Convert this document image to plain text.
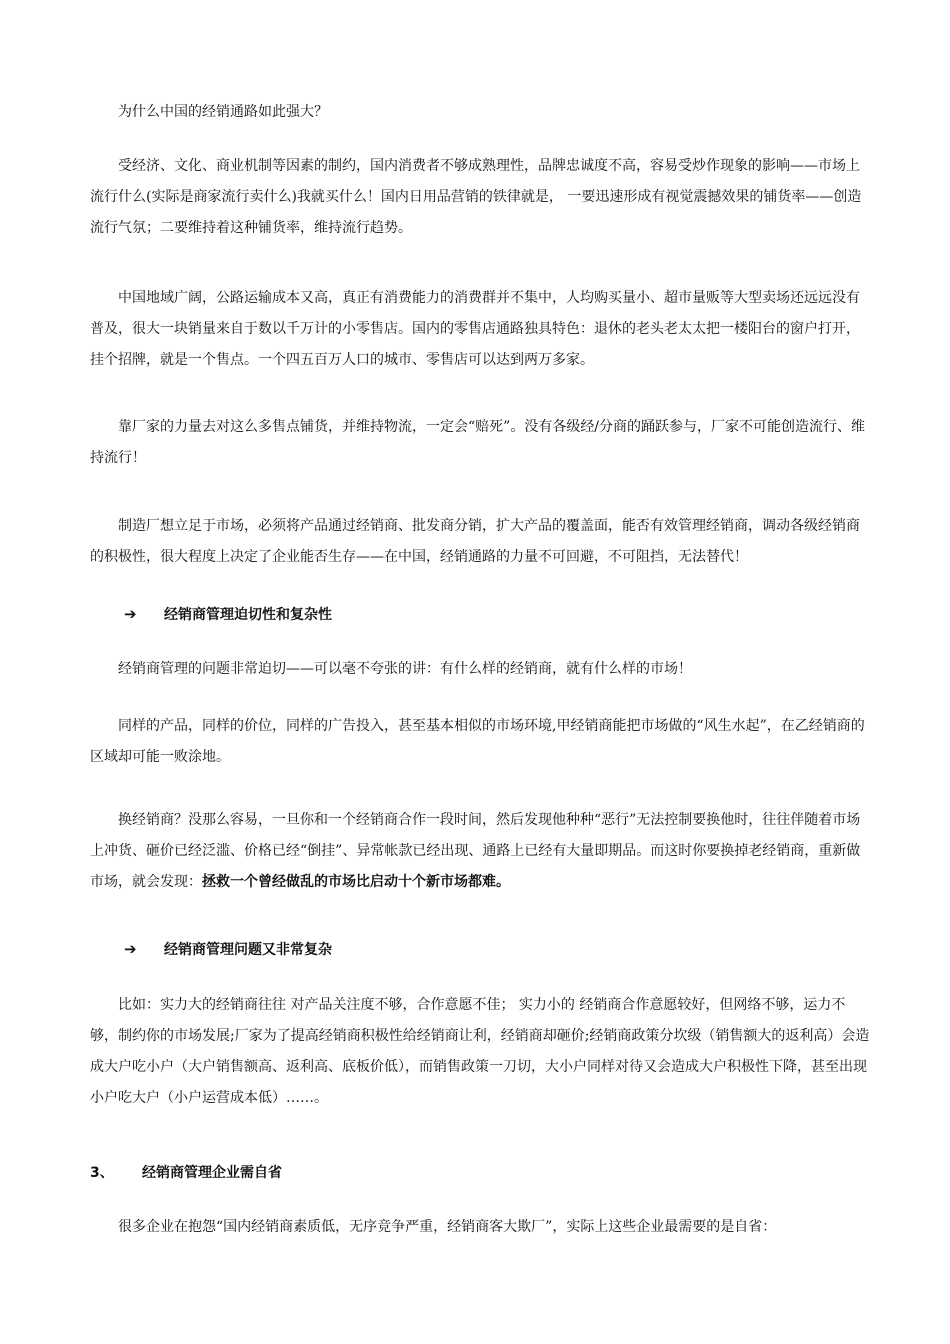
为什么中国的经销通路如此强大？

受经济、文化、商业机制等因素的制约，国内消费者不够成熟理性，品牌忠诚度不高，容易受炒作现象的影响——市场上流行什么(实际是商家流行卖什么)我就买什么！国内日用品营销的铁律就是， 一要迅速形成有视觉震撼效果的铺货率——创造流行气氛；二要维持着这种铺货率，维持流行趋势。

中国地域广阔，公路运输成本又高，真正有消费能力的消费群并不集中，人均购买量小、超市量贩等大型卖场还远远没有普及，很大一块销量来自于数以千万计的小零售店。国内的零售店通路独具特色：退休的老头老太太把一楼阳台的窗户打开，挂个招牌，就是一个售点。一个四五百万人口的城市、零售店可以达到两万多家。

靠厂家的力量去对这么多售点铺货，并维持物流，一定会“赔死”。没有各级经/分商的踊跃参与，厂家不可能创造流行、维持流行！

制造厂想立足于市场，必须将产品通过经销商、批发商分销，扩大产品的覆盖面，能否有效管理经销商，调动各级经销商的积极性，很大程度上决定了企业能否生存——在中国，经销通路的力量不可回避，不可阻挡，无法替代！

➔ 经销商管理迫切性和复杂性

经销商管理的问题非常迫切——可以毫不夸张的讲：有什么样的经销商，就有什么样的市场！

同样的产品，同样的价位，同样的广告投入，甚至基本相似的市场环境,甲经销商能把市场做的“风生水起”，在乙经销商的区域却可能一败涂地。

换经销商？没那么容易，一旦你和一个经销商合作一段时间，然后发现他种种“恶行”无法控制要换他时，往往伴随着市场上冲货、砸价已经泛滥、价格已经“倒挂”、异常帐款已经出现、通路上已经有大量即期品。而这时你要换掉老经销商，重新做市场，就会发现：拯救一个曾经做乱的市场比启动十个新市场都难。

➔ 经销商管理问题又非常复杂

比如：实力大的经销商往往 对产品关注度不够，合作意愿不佳； 实力小的 经销商合作意愿较好，但网络不够，运力不够，制约你的市场发展;厂家为了提高经销商积极性给经销商让利，经销商却砸价;经销商政策分坎级（销售额大的返利高）会造成大户吃小户（大户销售额高、返利高、底板价低），而销售政策一刀切，大小户同样对待又会造成大户积极性下降，甚至出现小户吃大户（小户运营成本低）……。

3、 经销商管理企业需自省

很多企业在抱怨“国内经销商素质低，无序竞争严重，经销商客大欺厂”，实际上这些企业最需要的是自省：
